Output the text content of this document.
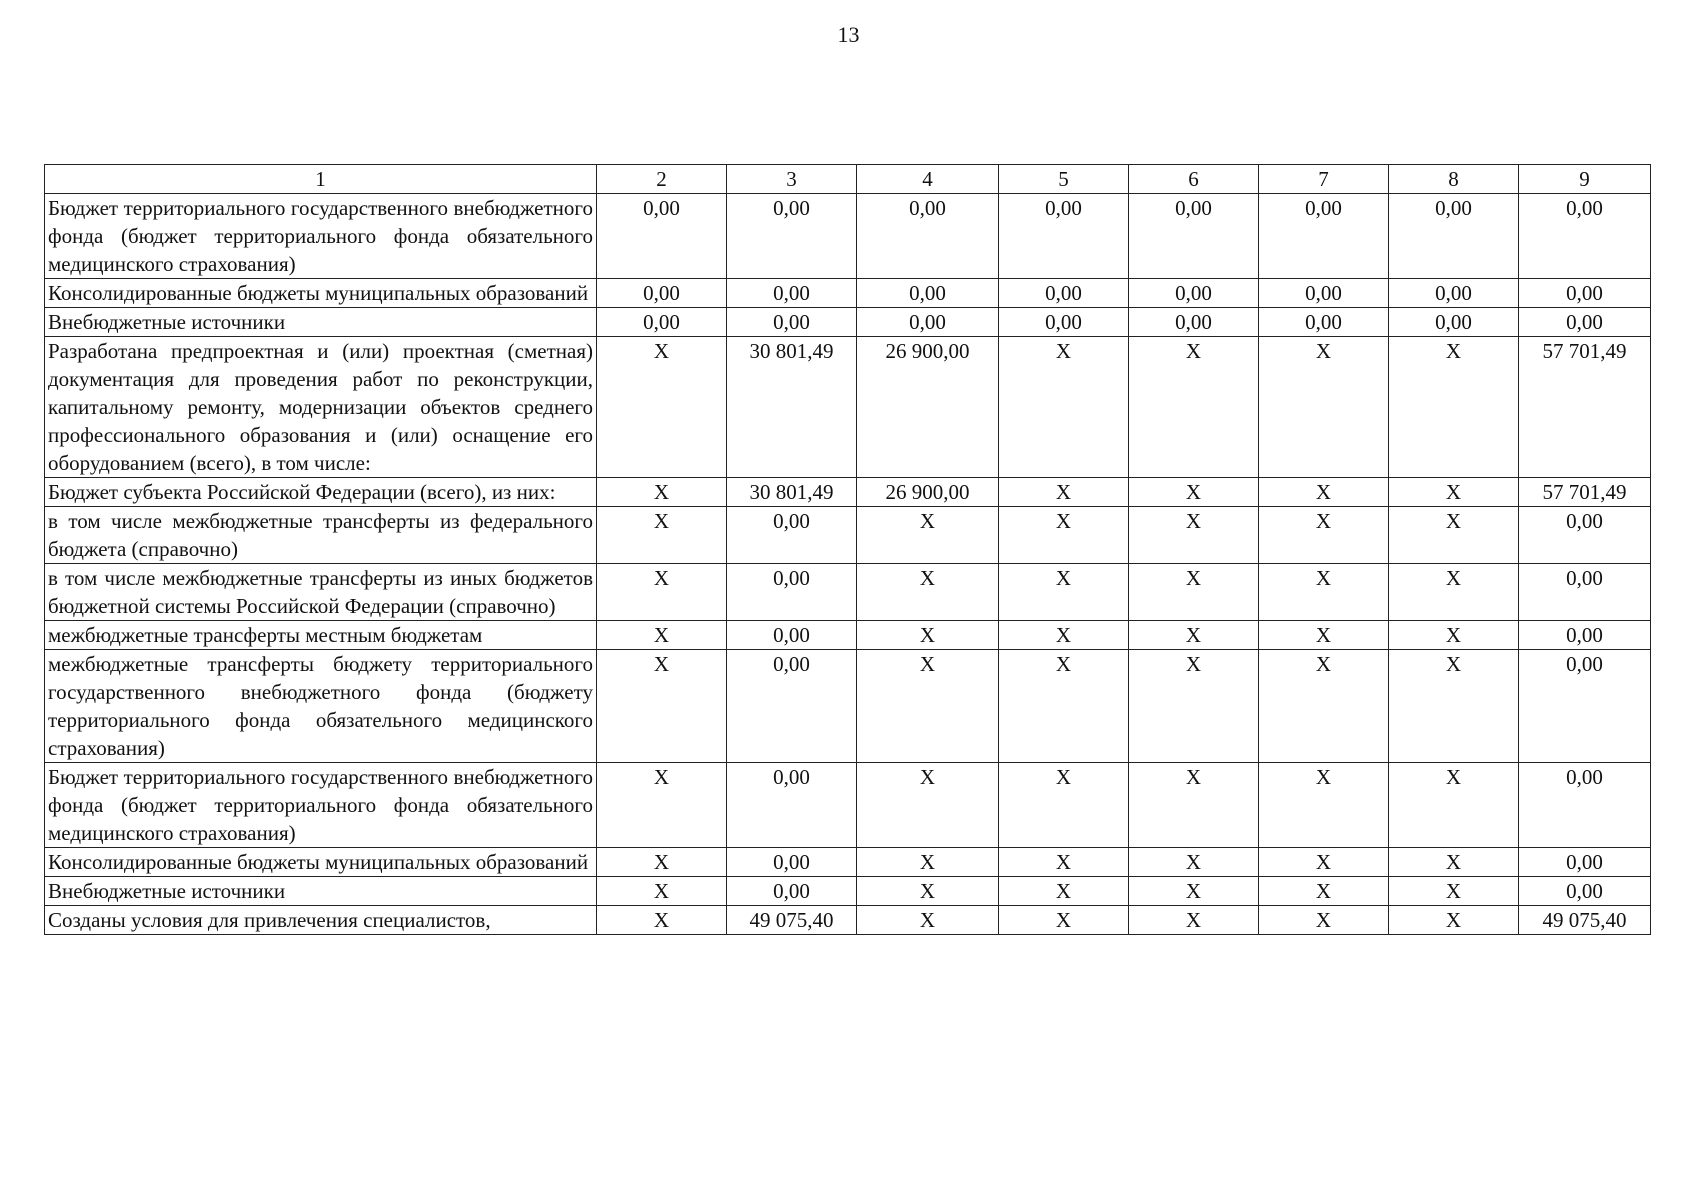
13
1	2	3	4	5	6	7	8	9
Бюджет территориального государственного внебюджетного фонда (бюджет территориального фонда обязательного медицинского страхования)	0,00	0,00	0,00	0,00	0,00	0,00	0,00	0,00
Консолидированные бюджеты муниципальных образований	0,00	0,00	0,00	0,00	0,00	0,00	0,00	0,00
Внебюджетные источники	0,00	0,00	0,00	0,00	0,00	0,00	0,00	0,00
Разработана предпроектная и (или) проектная (сметная) документация для проведения работ по реконструкции, капитальному ремонту, модернизации объектов среднего профессионального образования и (или) оснащение его оборудованием (всего), в том числе:	X	30 801,49	26 900,00	X	X	X	X	57 701,49
Бюджет субъекта Российской Федерации (всего), из них:	X	30 801,49	26 900,00	X	X	X	X	57 701,49
в том числе межбюджетные трансферты из федерального бюджета (справочно)	X	0,00	X	X	X	X	X	0,00
в том числе межбюджетные трансферты из иных бюджетов бюджетной системы Российской Федерации (справочно)	X	0,00	X	X	X	X	X	0,00
межбюджетные трансферты местным бюджетам	X	0,00	X	X	X	X	X	0,00
межбюджетные трансферты бюджету территориального государственного внебюджетного фонда (бюджету территориального фонда обязательного медицинского страхования)	X	0,00	X	X	X	X	X	0,00
Бюджет территориального государственного внебюджетного фонда (бюджет территориального фонда обязательного медицинского страхования)	X	0,00	X	X	X	X	X	0,00
Консолидированные бюджеты муниципальных образований	X	0,00	X	X	X	X	X	0,00
Внебюджетные источники	X	0,00	X	X	X	X	X	0,00
Созданы условия для привлечения специалистов,	X	49 075,40	X	X	X	X	X	49 075,40
